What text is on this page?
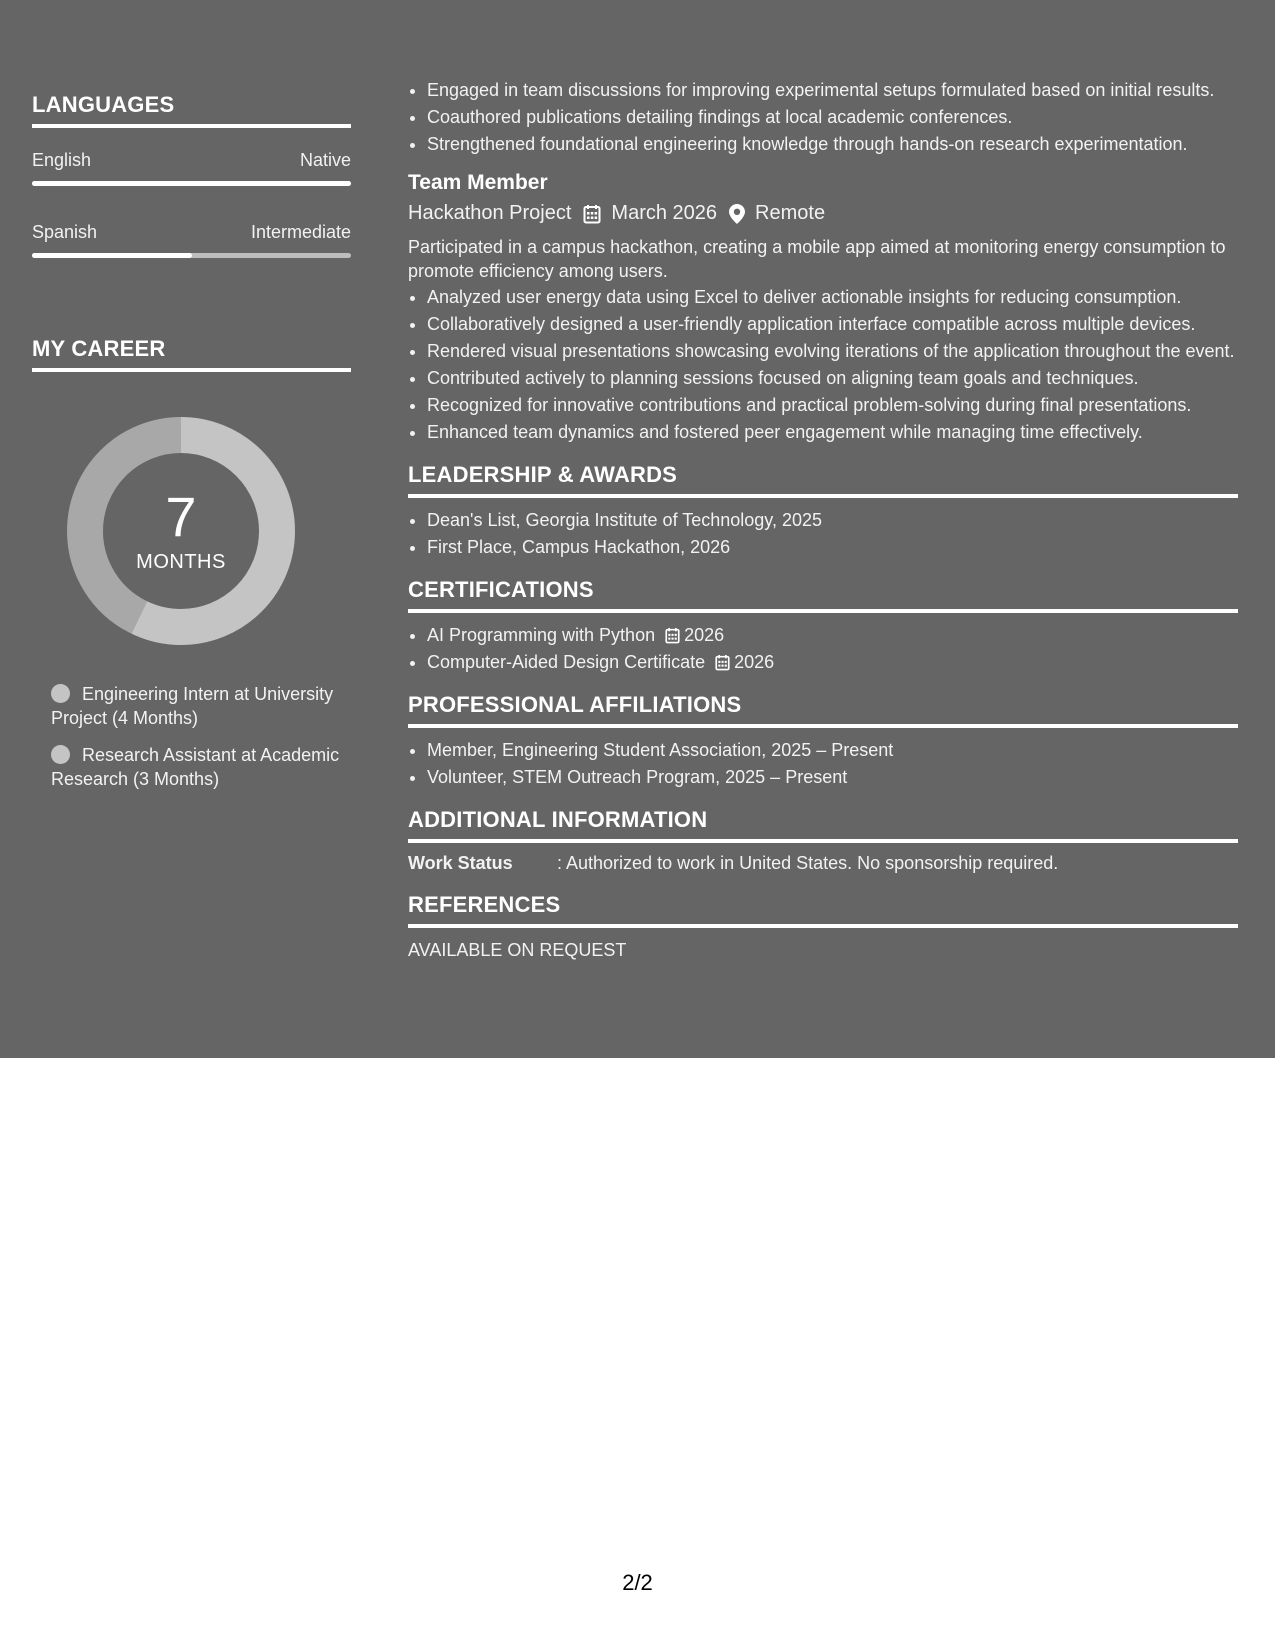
LANGUAGES
English	Native
Spanish	Intermediate
MY CAREER
7
MONTHS
Engineering Intern at University Project (4 Months)
Research Assistant at Academic Research (3 Months)
• Engaged in team discussions for improving experimental setups formulated based on initial results.
• Coauthored publications detailing findings at local academic conferences.
• Strengthened foundational engineering knowledge through hands-on research experimentation.
Team Member
Hackathon Project March 2026 Remote
Participated in a campus hackathon, creating a mobile app aimed at monitoring energy consumption to promote efficiency among users.
• Analyzed user energy data using Excel to deliver actionable insights for reducing consumption.
• Collaboratively designed a user-friendly application interface compatible across multiple devices.
• Rendered visual presentations showcasing evolving iterations of the application throughout the event.
• Contributed actively to planning sessions focused on aligning team goals and techniques.
• Recognized for innovative contributions and practical problem-solving during final presentations.
• Enhanced team dynamics and fostered peer engagement while managing time effectively.
LEADERSHIP & AWARDS
• Dean's List, Georgia Institute of Technology, 2025
• First Place, Campus Hackathon, 2026
CERTIFICATIONS
• AI Programming with Python 2026
• Computer-Aided Design Certificate 2026
PROFESSIONAL AFFILIATIONS
• Member, Engineering Student Association, 2025 – Present
• Volunteer, STEM Outreach Program, 2025 – Present
ADDITIONAL INFORMATION
Work Status	: Authorized to work in United States. No sponsorship required.
REFERENCES
AVAILABLE ON REQUEST
2/2
